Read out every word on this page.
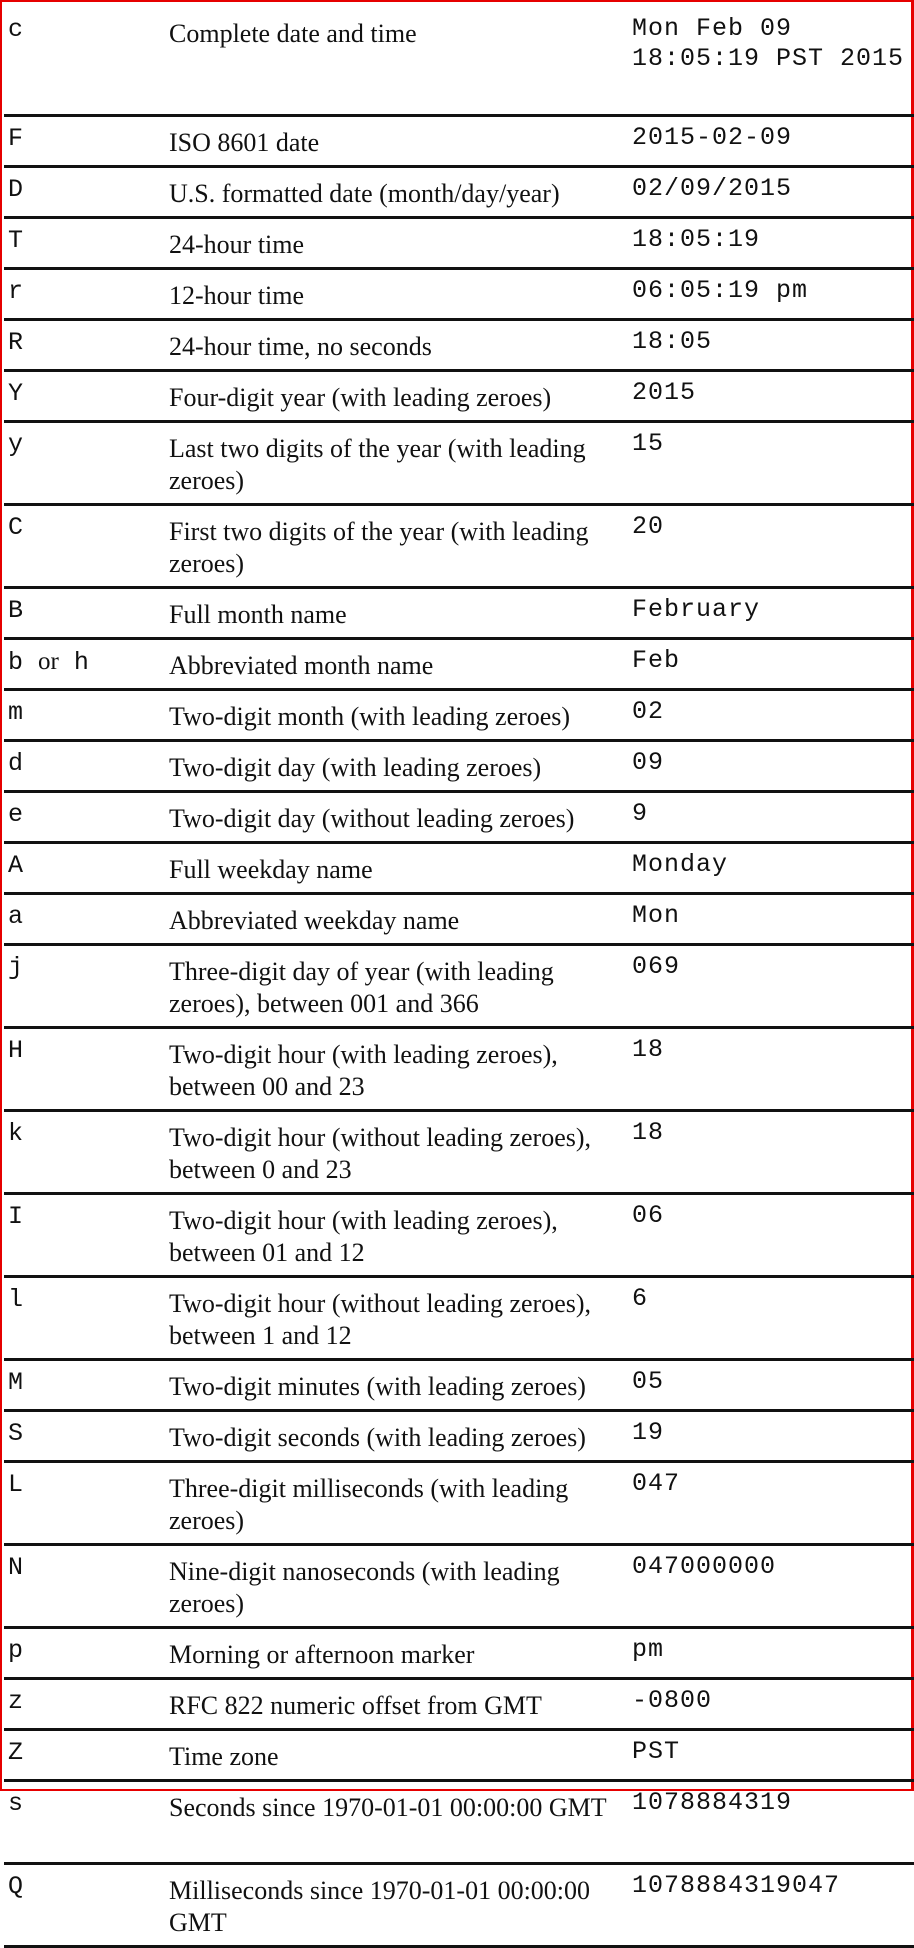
c	Complete date and time	Mon Feb 09 18:05:19 PST 2015
F	ISO 8601 date	2015-02-09
D	U.S. formatted date (month/day/year)	02/09/2015
T	24-hour time	18:05:19
r	12-hour time	06:05:19 pm
R	24-hour time, no seconds	18:05
Y	Four-digit year (with leading zeroes)	2015
y	Last two digits of the year (with leading zeroes)	15
C	First two digits of the year (with leading zeroes)	20
B	Full month name	February
b or h	Abbreviated month name	Feb
m	Two-digit month (with leading zeroes)	02
d	Two-digit day (with leading zeroes)	09
e	Two-digit day (without leading zeroes)	9
A	Full weekday name	Monday
a	Abbreviated weekday name	Mon
j	Three-digit day of year (with leading zeroes), between 001 and 366	069
H	Two-digit hour (with leading zeroes), between 00 and 23	18
k	Two-digit hour (without leading zeroes), between 0 and 23	18
I	Two-digit hour (with leading zeroes), between 01 and 12	06
l	Two-digit hour (without leading zeroes), between 1 and 12	6
M	Two-digit minutes (with leading zeroes)	05
S	Two-digit seconds (with leading zeroes)	19
L	Three-digit milliseconds (with leading zeroes)	047
N	Nine-digit nanoseconds (with leading zeroes)	047000000
p	Morning or afternoon marker	pm
z	RFC 822 numeric offset from GMT	-0800
Z	Time zone	PST
s	Seconds since 1970-01-01 00:00:00 GMT	1078884319
Q	Milliseconds since 1970-01-01 00:00:00 GMT	1078884319047
